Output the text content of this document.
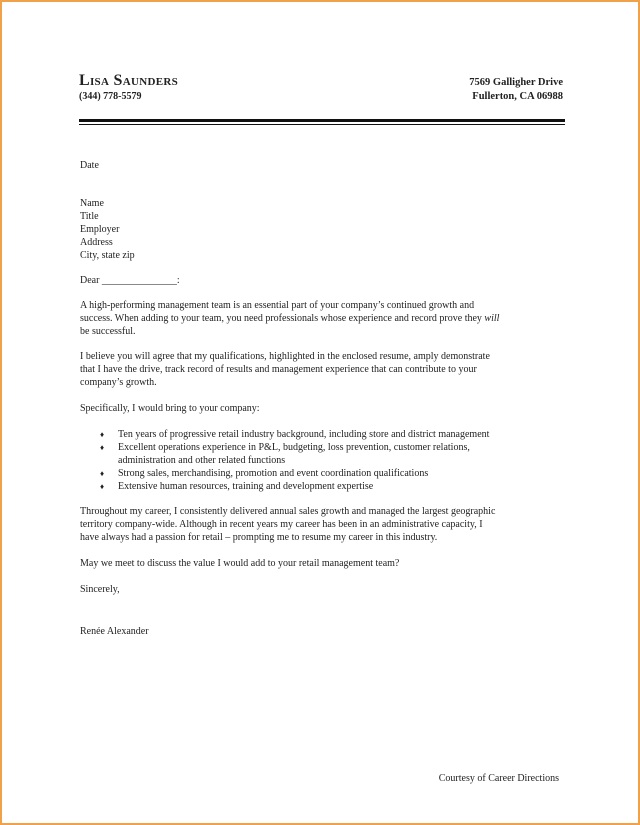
Lisa Saunders
(344) 778-5579
7569 Galligher Drive
Fullerton, CA 06988
Date
Name
Title
Employer
Address
City, state zip
Dear _______________:
A high-performing management team is an essential part of your company’s continued growth and
success. When adding to your team, you need professionals whose experience and record prove they will
be successful.
I believe you will agree that my qualifications, highlighted in the enclosed resume, amply demonstrate
that I have the drive, track record of results and management experience that can contribute to your
company’s growth.
Specifically, I would bring to your company:
♦ Ten years of progressive retail industry background, including store and district management
♦ Excellent operations experience in P&L, budgeting, loss prevention, customer relations,
administration and other related functions
♦ Strong sales, merchandising, promotion and event coordination qualifications
♦ Extensive human resources, training and development expertise
Throughout my career, I consistently delivered annual sales growth and managed the largest geographic
territory company-wide. Although in recent years my career has been in an administrative capacity, I
have always had a passion for retail – prompting me to resume my career in this industry.
May we meet to discuss the value I would add to your retail management team?
Sincerely,
Renée Alexander
Courtesy of Career Directions
